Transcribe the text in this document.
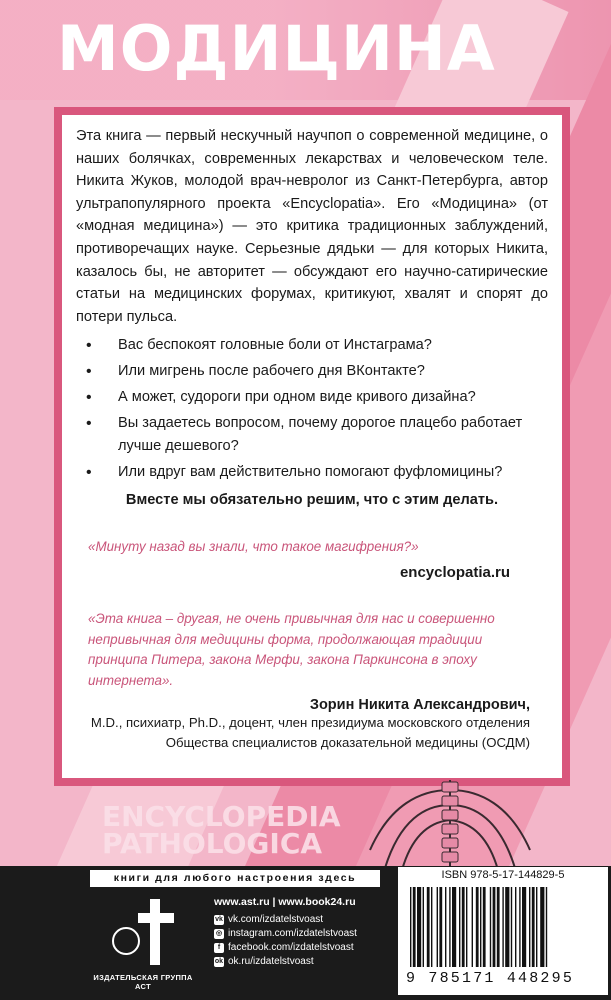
МОДИЦИНА

Эта книга — первый нескучный научпоп о современной медицине, о наших болячках, современных лекарствах и человеческом теле. Никита Жуков, молодой врач-невролог из Санкт-Петербурга, автор ультрапопулярного проекта «Encyclopatia». Его «Модицина» (от «модная медицина») — это критика традиционных заблуждений, противоречащих науке. Серьезные дядьки — для которых Никита, казалось бы, не авторитет — обсуждают его научно-сатирические статьи на медицинских форумах, критикуют, хвалят и спорят до потери пульса.

• Вас беспокоят головные боли от Инстаграма?
• Или мигрень после рабочего дня ВКонтакте?
• А может, судороги при одном виде кривого дизайна?
• Вы задаетесь вопросом, почему дорогое плацебо работает лучше дешевого?
• Или вдруг вам действительно помогают фуфломицины?

Вместе мы обязательно решим, что с этим делать.

«Минуту назад вы знали, что такое магифрения?»

encyclopatia.ru

«Эта книга – другая, не очень привычная для нас и совершенно непривычная для медицины форма, продолжающая традиции принципа Питера, закона Мерфи, закона Паркинсона в эпоху интернета».

Зорин Никита Александрович,

M.D., психиатр, Ph.D., доцент, член президиума московского отделения Общества специалистов доказательной медицины (ОСДМ)

ENCYCLOPEDIA
PATHOLOGICA
книги для любого настроения здесь
ИЗДАТЕЛЬСКАЯ ГРУППА АСТ
www.ast.ru | www.book24.ru
vk vk.com/izdatelstvoast
◎ instagram.com/izdatelstvoast
f facebook.com/izdatelstvoast
ok ok.ru/izdatelstvoast
ISBN 978-5-17-144829-5
9 785171 448295
